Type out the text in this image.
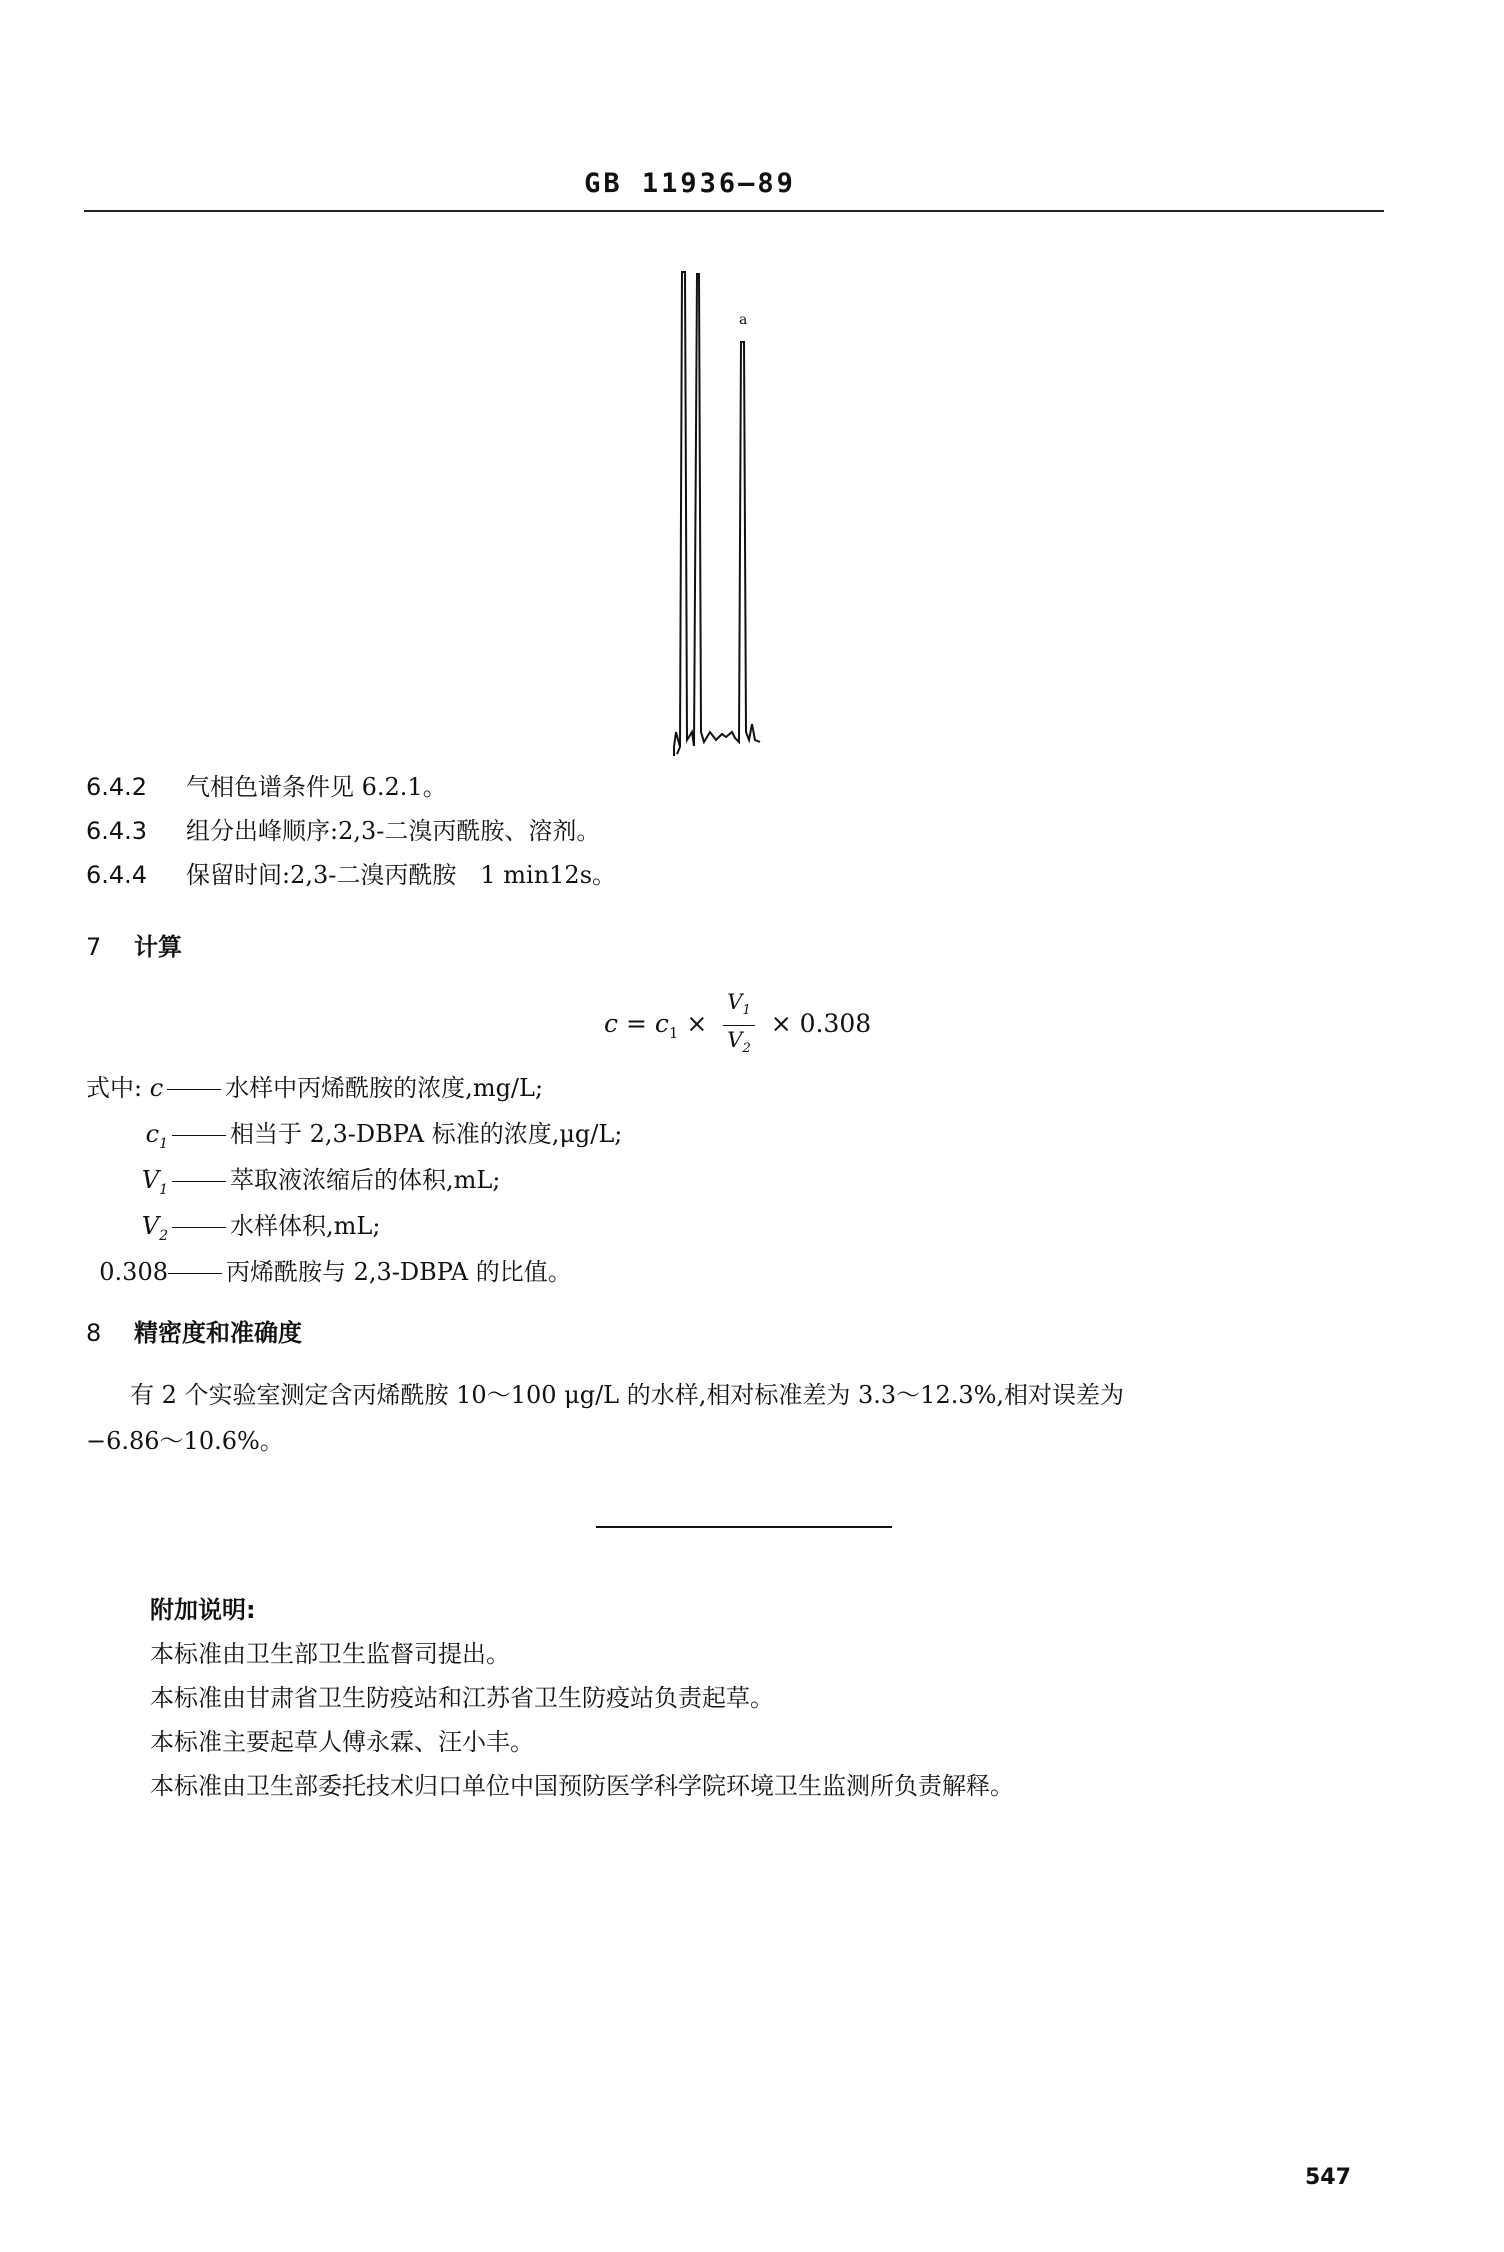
GB 11936—89
a
6.4.2 气相色谱条件见 6.2.1。
6.4.3 组分出峰顺序:2,3-二溴丙酰胺、溶剂。
6.4.4 保留时间:2,3-二溴丙酰胺　1 min12s。
7 计算
$c = c_1 \times \frac{V_1}{V_2} \times 0.308$
式中: c	水样中丙烯酰胺的浓度,mg/L;
$c_1$	相当于 2,3-DBPA 标准的浓度,μg/L;
$V_1$	萃取液浓缩后的体积,mL;
$V_2$	水样体积,mL;
0.308 丙烯酰胺与 2,3-DBPA 的比值。
8 精密度和准确度
有 2 个实验室测定含丙烯酰胺 10～100 μg/L 的水样,相对标准差为 3.3～12.3%,相对误差为
−6.86～10.6%。
附加说明:
本标准由卫生部卫生监督司提出。
本标准由甘肃省卫生防疫站和江苏省卫生防疫站负责起草。
本标准主要起草人傅永霖、汪小丰。
本标准由卫生部委托技术归口单位中国预防医学科学院环境卫生监测所负责解释。
547
